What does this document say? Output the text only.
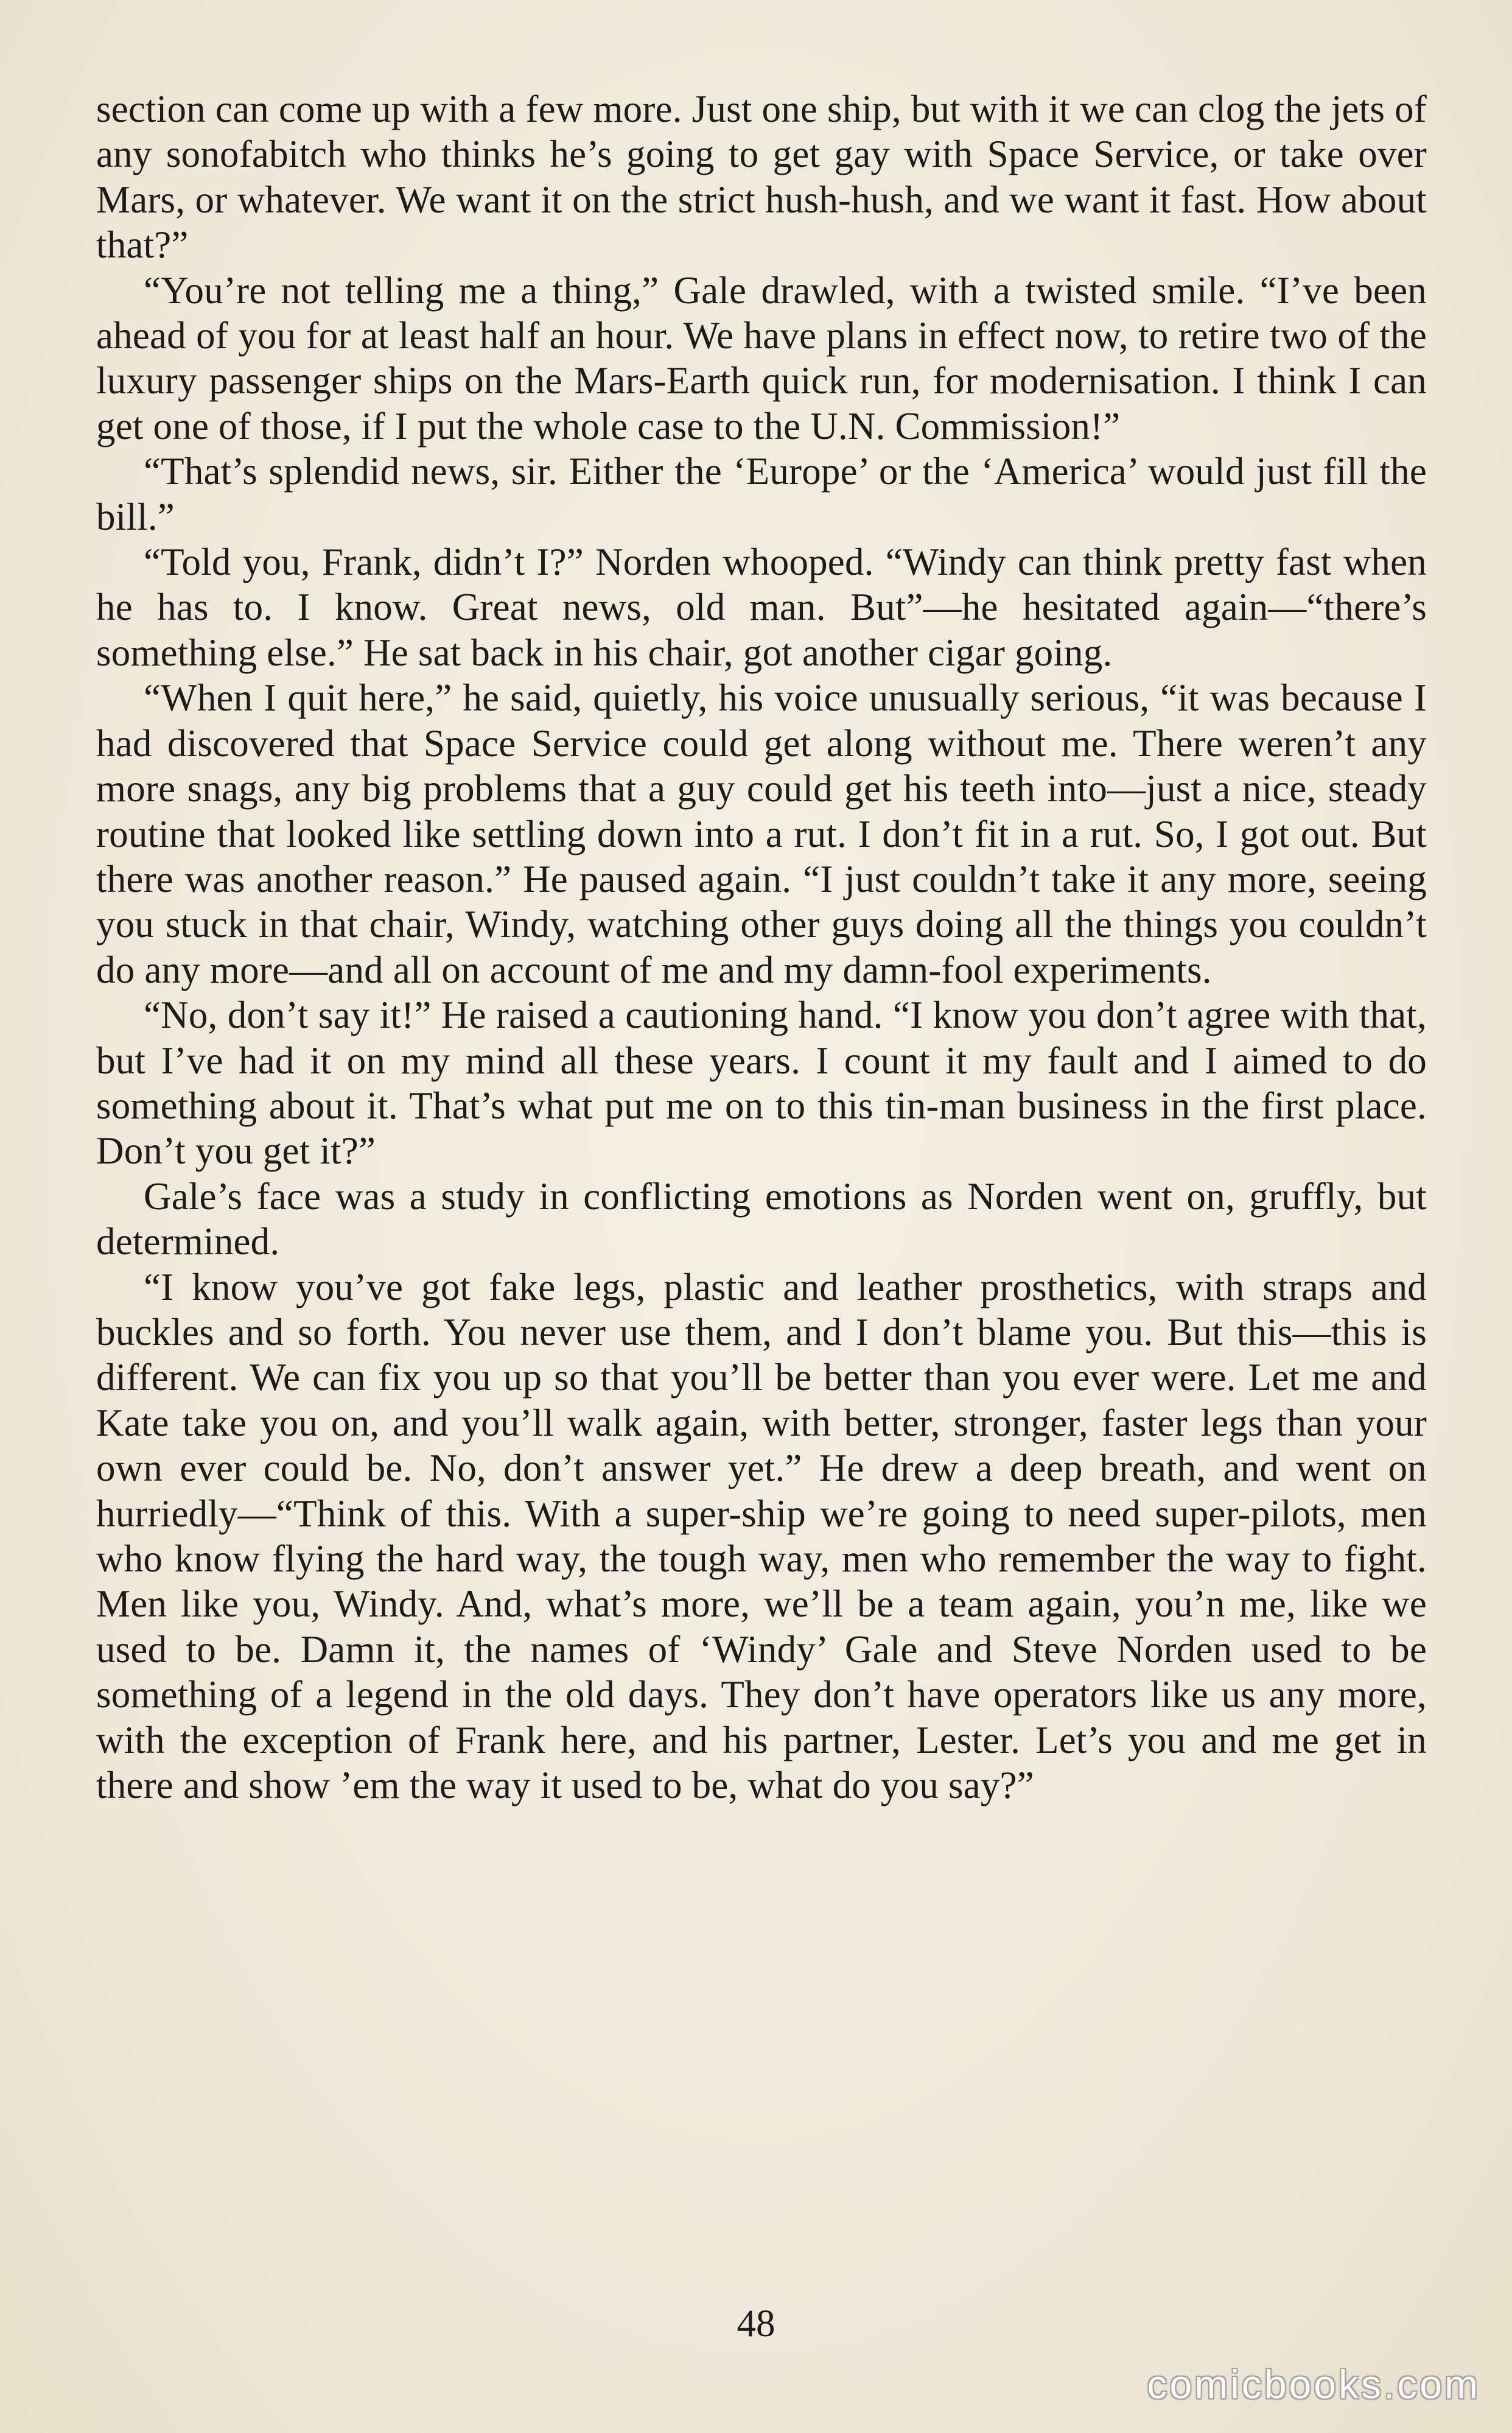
section can come up with a few more. Just one ship, but with it we can clog the jets of any sonofabitch who thinks he’s going to get gay with Space Service, or take over Mars, or whatever. We want it on the strict hush-hush, and we want it fast. How about that?”

“You’re not telling me a thing,” Gale drawled, with a twisted smile. “I’ve been ahead of you for at least half an hour. We have plans in effect now, to retire two of the luxury passenger ships on the Mars-Earth quick run, for modernisation. I think I can get one of those, if I put the whole case to the U.N. Commission!”

“That’s splendid news, sir. Either the ‘Europe’ or the ‘America’ would just fill the bill.”

“Told you, Frank, didn’t I?” Norden whooped. “Windy can think pretty fast when he has to. I know. Great news, old man. But”—he hesitated again—“there’s something else.” He sat back in his chair, got another cigar going.

“When I quit here,” he said, quietly, his voice unusually serious, “it was because I had discovered that Space Service could get along without me. There weren’t any more snags, any big problems that a guy could get his teeth into—just a nice, steady routine that looked like settling down into a rut. I don’t fit in a rut. So, I got out. But there was another reason.” He paused again. “I just couldn’t take it any more, seeing you stuck in that chair, Windy, watching other guys doing all the things you couldn’t do any more—and all on account of me and my damn-fool experiments.

“No, don’t say it!” He raised a cautioning hand. “I know you don’t agree with that, but I’ve had it on my mind all these years. I count it my fault and I aimed to do something about it. That’s what put me on to this tin-man business in the first place. Don’t you get it?”

Gale’s face was a study in conflicting emotions as Norden went on, gruffly, but determined.

“I know you’ve got fake legs, plastic and leather prosthetics, with straps and buckles and so forth. You never use them, and I don’t blame you. But this—this is different. We can fix you up so that you’ll be better than you ever were. Let me and Kate take you on, and you’ll walk again, with better, stronger, faster legs than your own ever could be. No, don’t answer yet.” He drew a deep breath, and went on hurriedly—“Think of this. With a super-ship we’re going to need super-pilots, men who know flying the hard way, the tough way, men who remember the way to fight. Men like you, Windy. And, what’s more, we’ll be a team again, you’n me, like we used to be. Damn it, the names of ‘Windy’ Gale and Steve Norden used to be something of a legend in the old days. They don’t have operators like us any more, with the exception of Frank here, and his partner, Lester. Let’s you and me get in there and show ’em the way it used to be, what do you say?”

48
comicbooks.com
